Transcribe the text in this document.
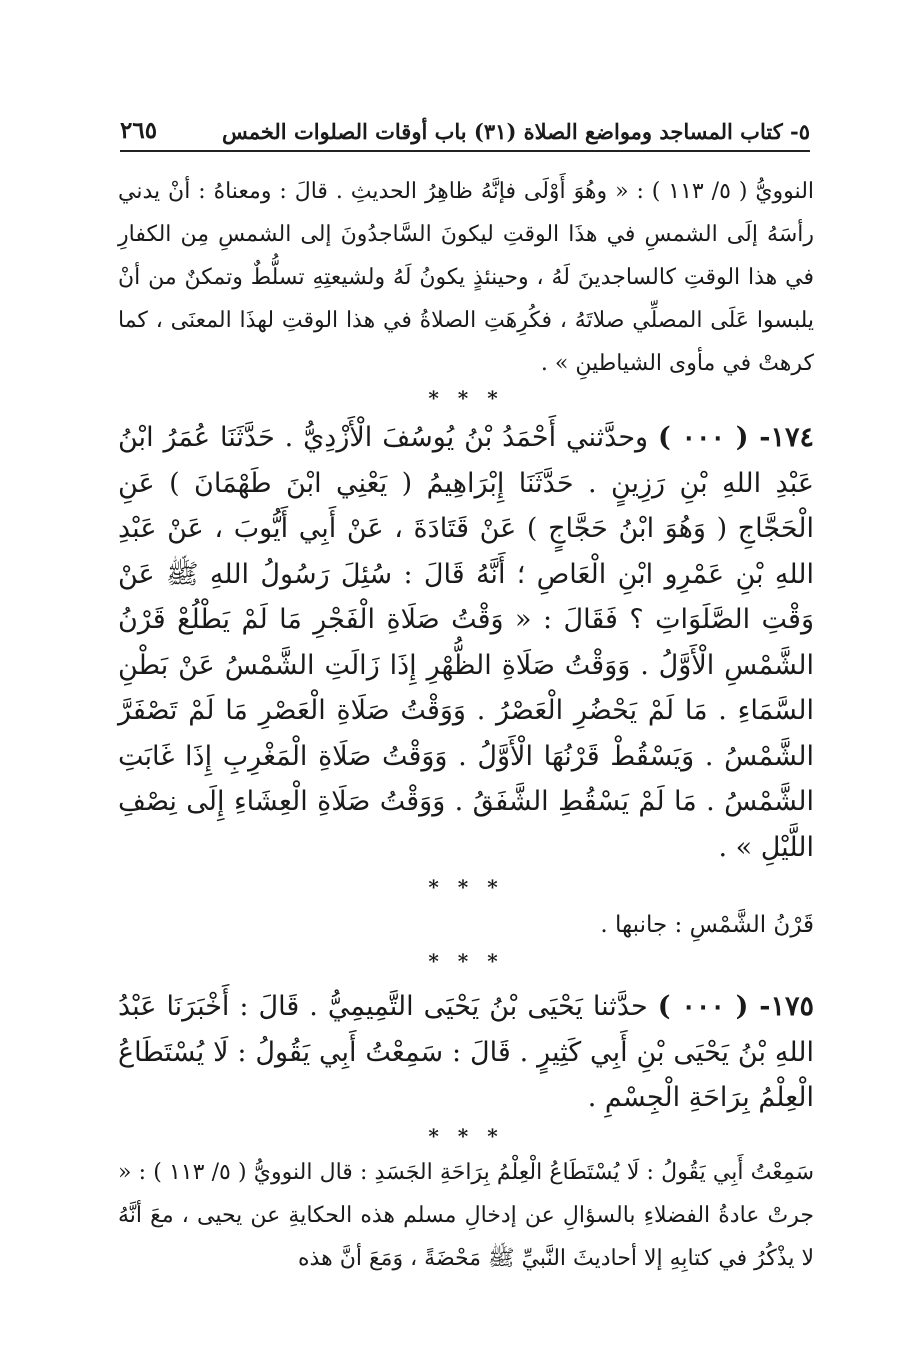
٥- كتاب المساجد ومواضع الصلاة (٣١) باب أوقات الصلوات الخمس
٢٦٥

النوويُّ ( ٥/ ١١٣ ) : « وهُوَ أَوْلَى فإنَّهُ ظاهِرُ الحديثِ . قالَ : ومعناهُ : أنْ يدني رأسَهُ إلَى الشمسِ في هذَا الوقتِ ليكونَ السَّاجدُونَ إلى الشمسِ مِن الكفارِ في هذا الوقتِ كالساجدينَ لَهُ ، وحينئذٍ يكونُ لَهُ ولشيعتِهِ تسلُّطٌ وتمكنٌ من أنْ يلبسوا عَلَى المصلِّي صلاتَهُ ، فكُرِهَتِ الصلاةُ في هذا الوقتِ لهذَا المعنَى ، كما كرهتْ في مأوى الشياطينِ » .

* * *

١٧٤- ( ٠٠٠ ) وحدَّثني أَحْمَدُ بْنُ يُوسُفَ الْأَزْدِيُّ . حَدَّثَنَا عُمَرُ ابْنُ عَبْدِ اللهِ بْنِ رَزِينٍ . حَدَّثَنَا إِبْرَاهِيمُ ( يَعْنِي ابْنَ طَهْمَانَ ) عَنِ الْحَجَّاجِ ( وَهُوَ ابْنُ حَجَّاجٍ ) عَنْ قَتَادَةَ ، عَنْ أَبِي أَيُّوبَ ، عَنْ عَبْدِ اللهِ بْنِ عَمْرِو ابْنِ الْعَاصِ ؛ أَنَّهُ قَالَ : سُئِلَ رَسُولُ اللهِ ﷺ عَنْ وَقْتِ الصَّلَوَاتِ ؟ فَقَالَ : « وَقْتُ صَلَاةِ الْفَجْرِ مَا لَمْ يَطْلُعْ قَرْنُ الشَّمْسِ الْأَوَّلُ . وَوَقْتُ صَلَاةِ الظُّهْرِ إِذَا زَالَتِ الشَّمْسُ عَنْ بَطْنِ السَّمَاءِ . مَا لَمْ يَحْضُرِ الْعَصْرُ . وَوَقْتُ صَلَاةِ الْعَصْرِ مَا لَمْ تَصْفَرَّ الشَّمْسُ . وَيَسْقُطْ قَرْنُهَا الْأَوَّلُ . وَوَقْتُ صَلَاةِ الْمَغْرِبِ إِذَا غَابَتِ الشَّمْسُ . مَا لَمْ يَسْقُطِ الشَّفَقُ . وَوَقْتُ صَلَاةِ الْعِشَاءِ إِلَى نِصْفِ اللَّيْلِ » .

* * *

قَرْنُ الشَّمْسِ : جانبها .

* * *

١٧٥- ( ٠٠٠ ) حدَّثنا يَحْيَى بْنُ يَحْيَى التَّمِيمِيُّ . قَالَ : أَخْبَرَنَا عَبْدُ اللهِ بْنُ يَحْيَى بْنِ أَبِي كَثِيرٍ . قَالَ : سَمِعْتُ أَبِي يَقُولُ : لَا يُسْتَطَاعُ الْعِلْمُ بِرَاحَةِ الْجِسْمِ .

* * *

سَمِعْتُ أَبِي يَقُولُ : لَا يُسْتَطَاعُ الْعِلْمُ بِرَاحَةِ الجَسَدِ : قال النوويُّ ( ٥/ ١١٣ ) : « جرتْ عادةُ الفضلاءِ بالسؤالِ عن إدخالِ مسلم هذه الحكايةِ عن يحيى ، معَ أنَّهُ لا يذْكُرُ في كتابِهِ إلا أحاديثَ النَّبيِّ ﷺ مَحْضَةً ، وَمَعَ أنَّ هذه
